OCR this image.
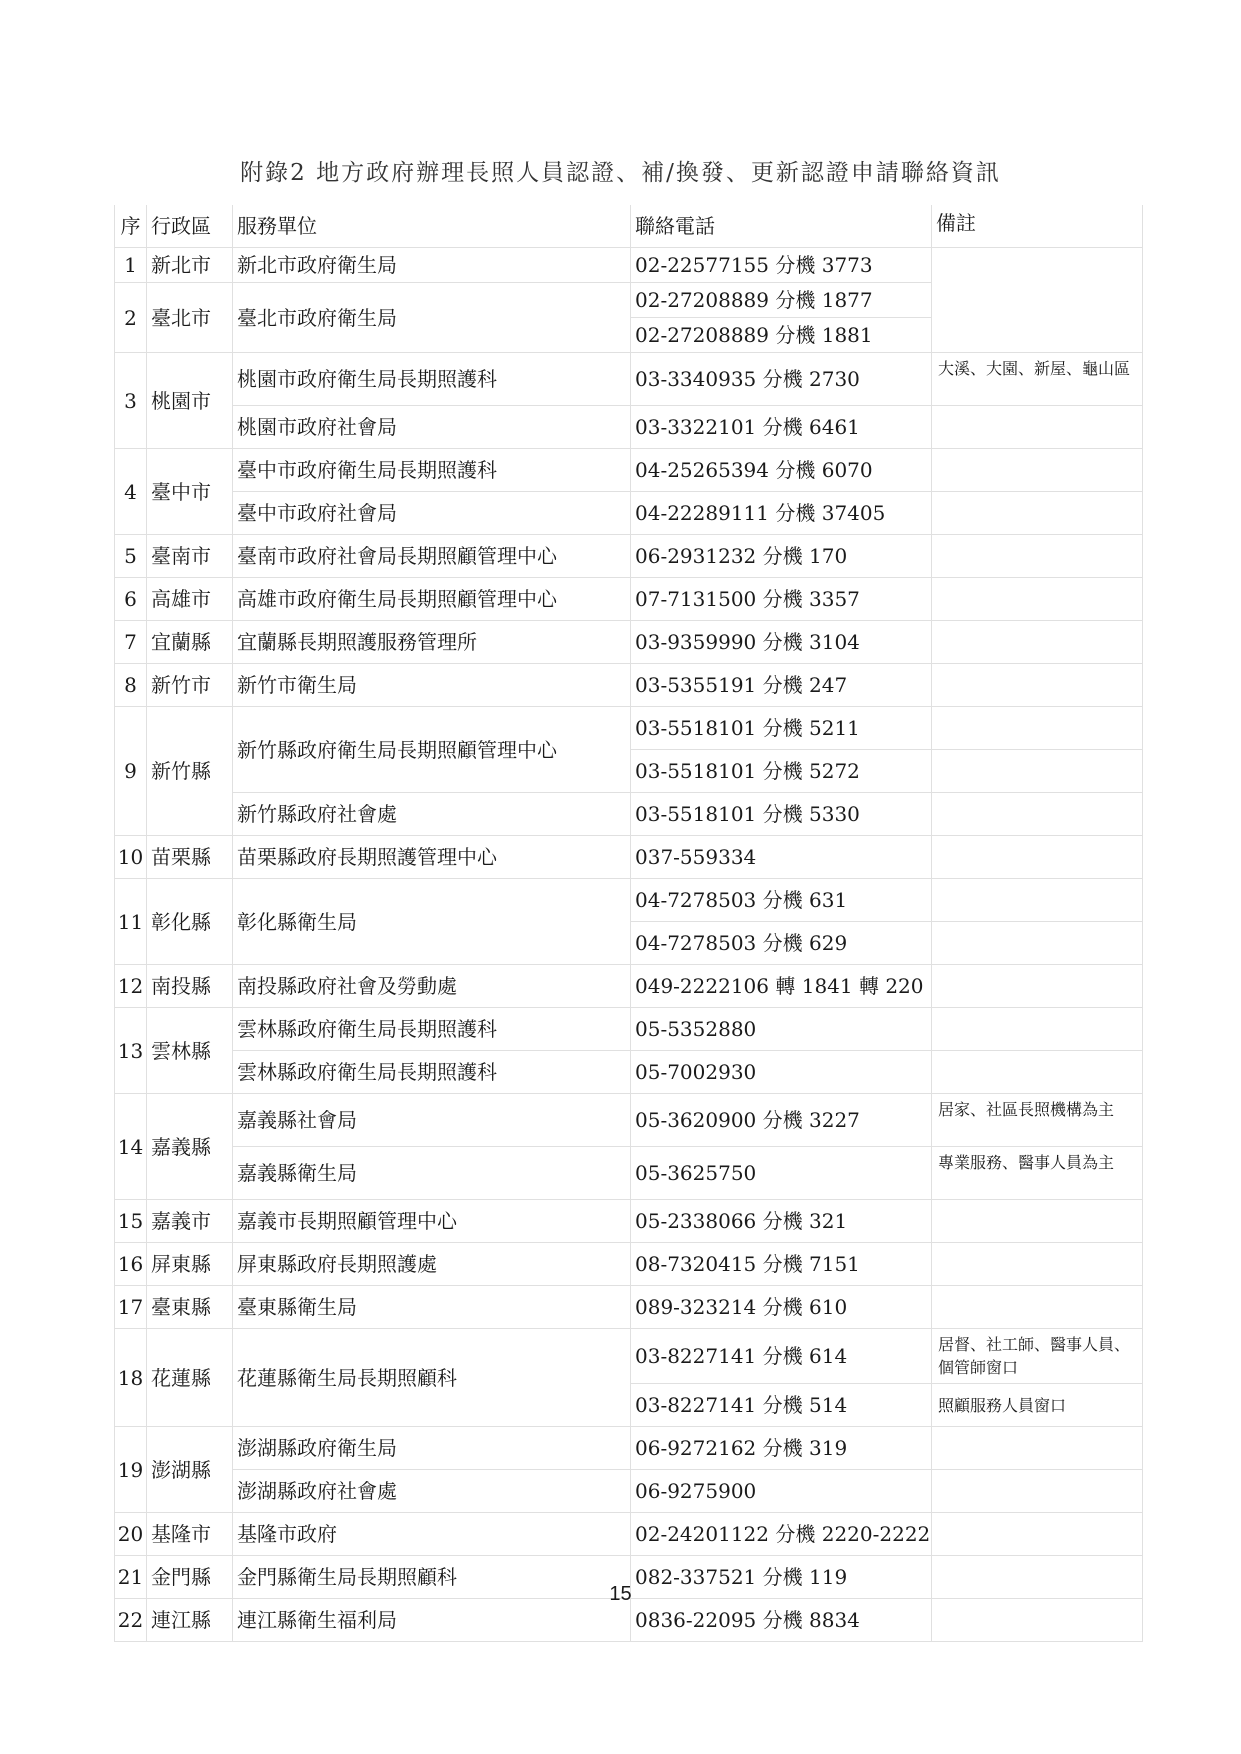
附錄2 地方政府辦理長照人員認證、補/換發、更新認證申請聯絡資訊
序	行政區	服務單位	聯絡電話	備註
1	新北市	新北市政府衛生局	02-22577155 分機 3773	
2	臺北市	臺北市政府衛生局	02-27208889 分機 1877	
			02-27208889 分機 1881	
3	桃園市	桃園市政府衛生局長期照護科	03-3340935 分機 2730	大溪、大園、新屋、龜山區
		桃園市政府社會局	03-3322101 分機 6461	
4	臺中市	臺中市政府衛生局長期照護科	04-25265394 分機 6070	
		臺中市政府社會局	04-22289111 分機 37405	
5	臺南市	臺南市政府社會局長期照顧管理中心	06-2931232 分機 170	
6	高雄市	高雄市政府衛生局長期照顧管理中心	07-7131500 分機 3357	
7	宜蘭縣	宜蘭縣長期照護服務管理所	03-9359990 分機 3104	
8	新竹市	新竹市衛生局	03-5355191 分機 247	
9	新竹縣	新竹縣政府衛生局長期照顧管理中心	03-5518101 分機 5211	
			03-5518101 分機 5272	
		新竹縣政府社會處	03-5518101 分機 5330	
10	苗栗縣	苗栗縣政府長期照護管理中心	037-559334	
11	彰化縣	彰化縣衛生局	04-7278503 分機 631	
			04-7278503 分機 629	
12	南投縣	南投縣政府社會及勞動處	049-2222106 轉 1841 轉 220	
13	雲林縣	雲林縣政府衛生局長期照護科	05-5352880	
		雲林縣政府衛生局長期照護科	05-7002930	
14	嘉義縣	嘉義縣社會局	05-3620900 分機 3227	居家、社區長照機構為主
		嘉義縣衛生局	05-3625750	專業服務、醫事人員為主
15	嘉義市	嘉義市長期照顧管理中心	05-2338066 分機 321	
16	屏東縣	屏東縣政府長期照護處	08-7320415 分機 7151	
17	臺東縣	臺東縣衛生局	089-323214 分機 610	
18	花蓮縣	花蓮縣衛生局長期照顧科	03-8227141 分機 614	居督、社工師、醫事人員、個管師窗口
			03-8227141 分機 514	照顧服務人員窗口
19	澎湖縣	澎湖縣政府衛生局	06-9272162 分機 319	
		澎湖縣政府社會處	06-9275900	
20	基隆市	基隆市政府	02-24201122 分機 2220-2222	
21	金門縣	金門縣衛生局長期照顧科	082-337521 分機 119	
22	連江縣	連江縣衛生福利局	0836-22095 分機 8834	
15
